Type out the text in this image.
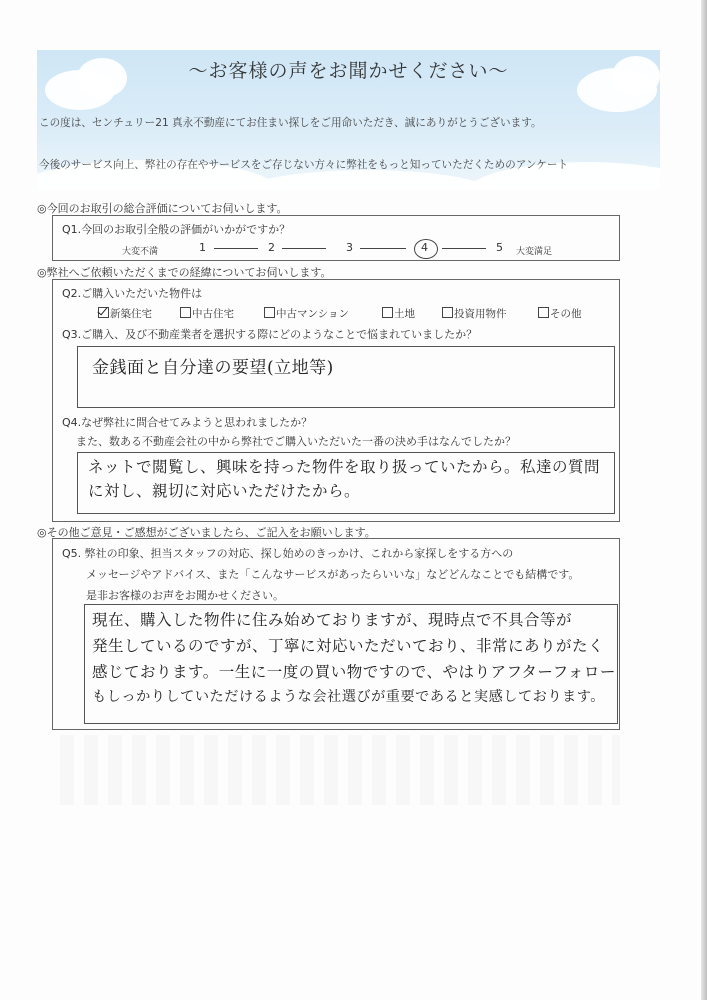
～お客様の声をお聞かせください～

この度は、センチュリー21 真永不動産にてお住まい探しをご用命いただき、誠にありがとうございます。

今後のサービス向上、弊社の存在やサービスをご存じない方々に弊社をもっと知っていただくためのアンケート

◎今回のお取引の総合評価についてお伺いします。
Q1.今回のお取引全般の評価がいかがですか？
大変不満	大変満足
1	2	3	4	5
◎弊社へご依頼いただくまでの経緯についてお伺いします。
Q2.ご購入いただいた物件は
新築住宅	中古住宅	中古マンション	土地	投資用物件	その他
Q3.ご購入、及び不動産業者を選択する際にどのようなことで悩まれていましたか？
金銭面と自分達の要望(立地等)
Q4.なぜ弊社に問合せてみようと思われましたか？
また、数ある不動産会社の中から弊社でご購入いただいた一番の決め手はなんでしたか？
ネットで閲覧し、興味を持った物件を取り扱っていたから。私達の質問
に対し、親切に対応いただけたから。
◎その他ご意見・ご感想がございましたら、ご記入をお願いします。
Q5. 弊社の印象、担当スタッフの対応、探し始めのきっかけ、これから家探しをする方への
メッセージやアドバイス、また「こんなサービスがあったらいいな」などどんなことでも結構です。
是非お客様のお声をお聞かせください。
現在、購入した物件に住み始めておりますが、現時点で不具合等が
発生しているのですが、丁寧に対応いただいており、非常にありがたく
感じております。一生に一度の買い物ですので、やはりアフターフォロー
もしっかりしていただけるような会社選びが重要であると実感しております。
